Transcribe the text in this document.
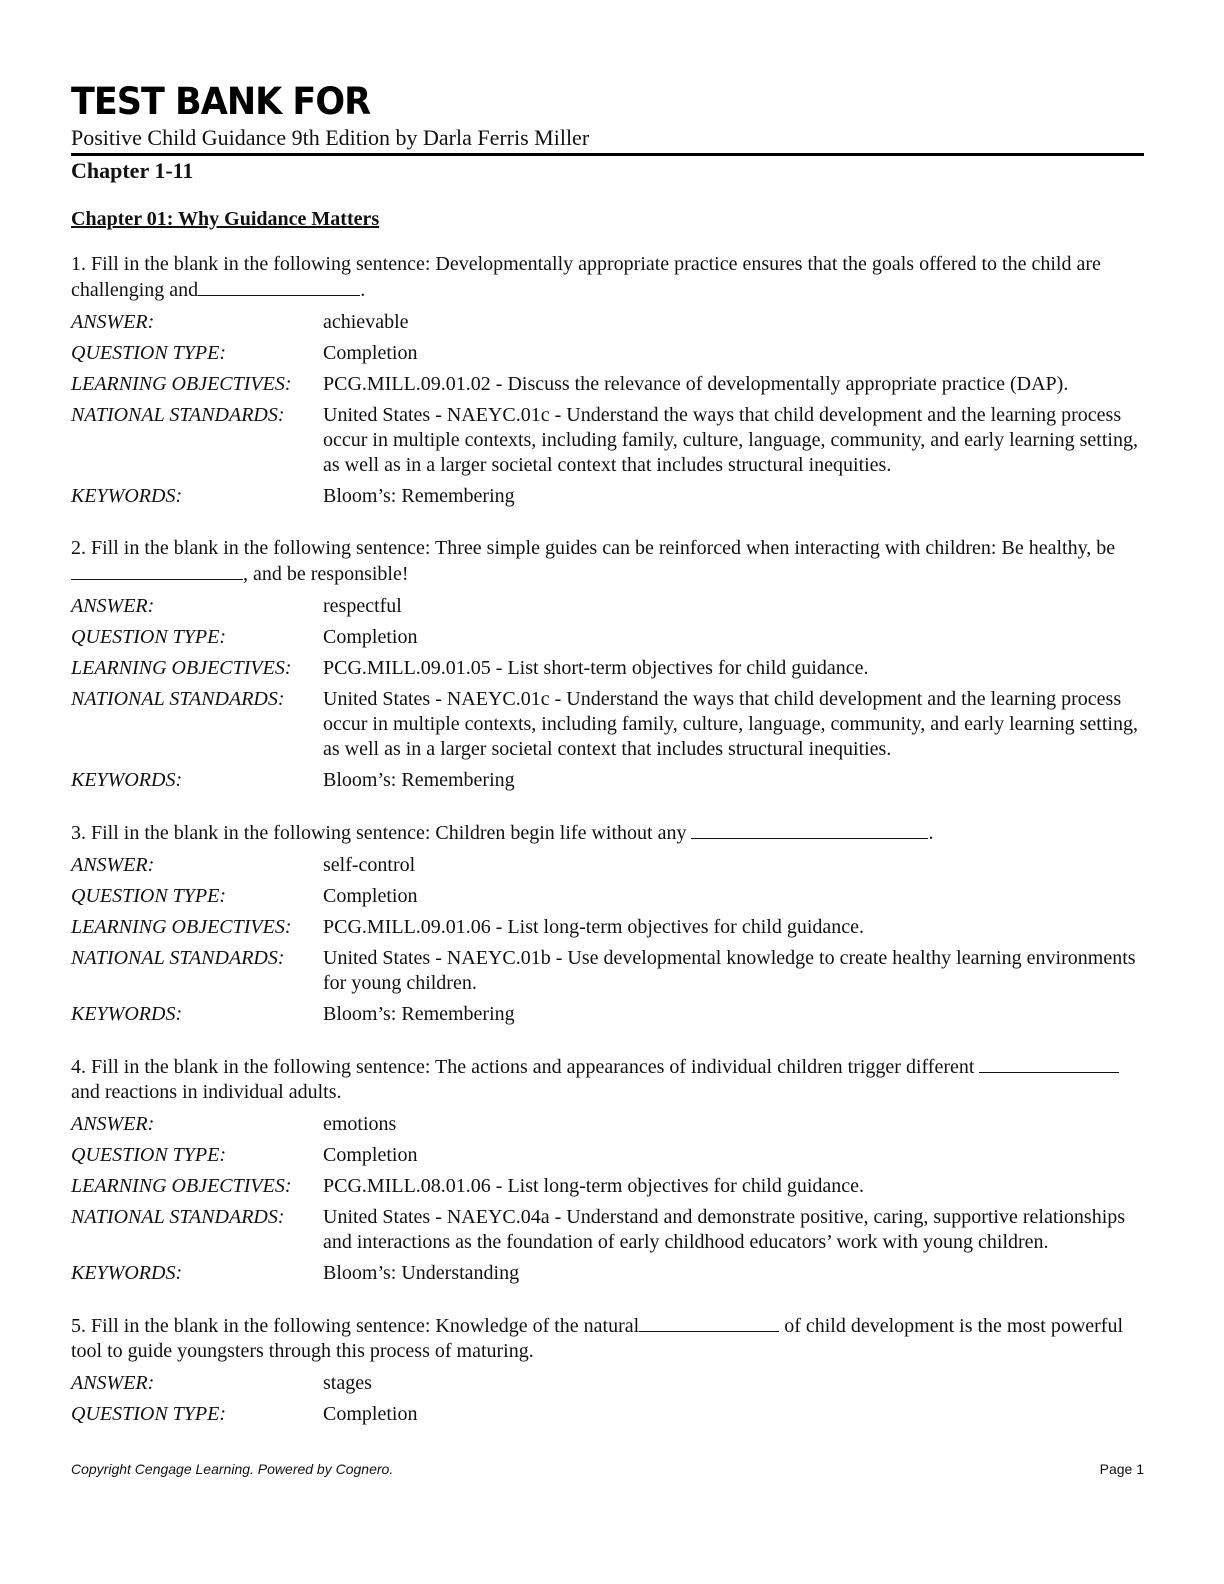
TEST BANK FOR
Positive Child Guidance 9th Edition by Darla Ferris Miller
Chapter 1-11
Chapter 01: Why Guidance Matters

1. Fill in the blank in the following sentence: Developmentally appropriate practice ensures that the goals offered to the child are challenging and	.

ANSWER:	achievable
QUESTION TYPE:	Completion
LEARNING OBJECTIVES:	PCG.MILL.09.01.02 - Discuss the relevance of developmentally appropriate practice (DAP).
NATIONAL STANDARDS:	United States - NAEYC.01c - Understand the ways that child development and the learning process occur in multiple contexts, including family, culture, language, community, and early learning setting, as well as in a larger societal context that includes structural inequities.
KEYWORDS:	Bloom’s: Remembering

2. Fill in the blank in the following sentence: Three simple guides can be reinforced when interacting with children: Be healthy, be, and be responsible!

ANSWER:	respectful
QUESTION TYPE:	Completion
LEARNING OBJECTIVES:	PCG.MILL.09.01.05 - List short-term objectives for child guidance.
NATIONAL STANDARDS:	United States - NAEYC.01c - Understand the ways that child development and the learning process occur in multiple contexts, including family, culture, language, community, and early learning setting, as well as in a larger societal context that includes structural inequities.
KEYWORDS:	Bloom’s: Remembering

3. Fill in the blank in the following sentence: Children begin life without any	.

ANSWER:	self-control
QUESTION TYPE:	Completion
LEARNING OBJECTIVES:	PCG.MILL.09.01.06 - List long-term objectives for child guidance.
NATIONAL STANDARDS:	United States - NAEYC.01b - Use developmental knowledge to create healthy learning environments for young children.
KEYWORDS:	Bloom’s: Remembering

4. Fill in the blank in the following sentence: The actions and appearances of individual children trigger different  and reactions in individual adults.

ANSWER:	emotions
QUESTION TYPE:	Completion
LEARNING OBJECTIVES:	PCG.MILL.08.01.06 - List long-term objectives for child guidance.
NATIONAL STANDARDS:	United States - NAEYC.04a - Understand and demonstrate positive, caring, supportive relationships and interactions as the foundation of early childhood educators’ work with young children.
KEYWORDS:	Bloom’s: Understanding

5. Fill in the blank in the following sentence: Knowledge of the natural	of child development is the most powerful tool to guide youngsters through this process of maturing.

ANSWER:	stages
QUESTION TYPE:	Completion
Copyright Cengage Learning. Powered by Cognero.	Page 1
